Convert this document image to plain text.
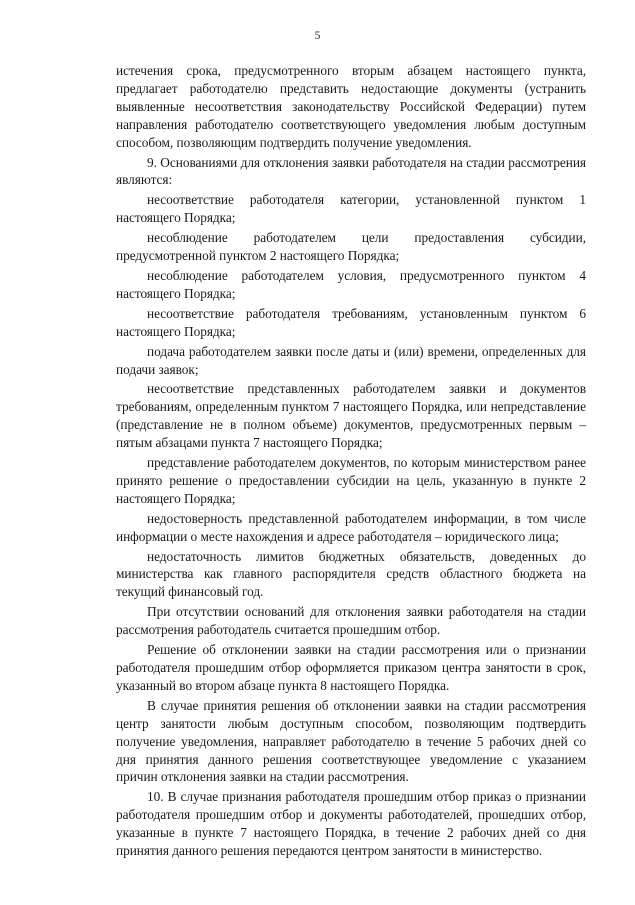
5

истечения срока, предусмотренного вторым абзацем настоящего пункта, предлагает работодателю представить недостающие документы (устранить выявленные несоответствия законодательству Российской Федерации) путем направления работодателю соответствующего уведомления любым доступным способом, позволяющим подтвердить получение уведомления.

9. Основаниями для отклонения заявки работодателя на стадии рассмотрения являются:

несоответствие работодателя категории, установленной пунктом 1 настоящего Порядка;

несоблюдение работодателем цели предоставления субсидии, предусмотренной пунктом 2 настоящего Порядка;

несоблюдение работодателем условия, предусмотренного пунктом 4 настоящего Порядка;

несоответствие работодателя требованиям, установленным пунктом 6 настоящего Порядка;

подача работодателем заявки после даты и (или) времени, определенных для подачи заявок;

несоответствие представленных работодателем заявки и документов требованиям, определенным пунктом 7 настоящего Порядка, или непредставление (представление не в полном объеме) документов, предусмотренных первым – пятым абзацами пункта 7 настоящего Порядка;

представление работодателем документов, по которым министерством ранее принято решение о предоставлении субсидии на цель, указанную в пункте 2 настоящего Порядка;

недостоверность представленной работодателем информации, в том числе информации о месте нахождения и адресе работодателя – юридического лица;

недостаточность лимитов бюджетных обязательств, доведенных до министерства как главного распорядителя средств областного бюджета на текущий финансовый год.

При отсутствии оснований для отклонения заявки работодателя на стадии рассмотрения работодатель считается прошедшим отбор.

Решение об отклонении заявки на стадии рассмотрения или о признании работодателя прошедшим отбор оформляется приказом центра занятости в срок, указанный во втором абзаце пункта 8 настоящего Порядка.

В случае принятия решения об отклонении заявки на стадии рассмотрения центр занятости любым доступным способом, позволяющим подтвердить получение уведомления, направляет работодателю в течение 5 рабочих дней со дня принятия данного решения соответствующее уведомление с указанием причин отклонения заявки на стадии рассмотрения.

10. В случае признания работодателя прошедшим отбор приказ о признании работодателя прошедшим отбор и документы работодателей, прошедших отбор, указанные в пункте 7 настоящего Порядка, в течение 2 рабочих дней со дня принятия данного решения передаются центром занятости в министерство.
